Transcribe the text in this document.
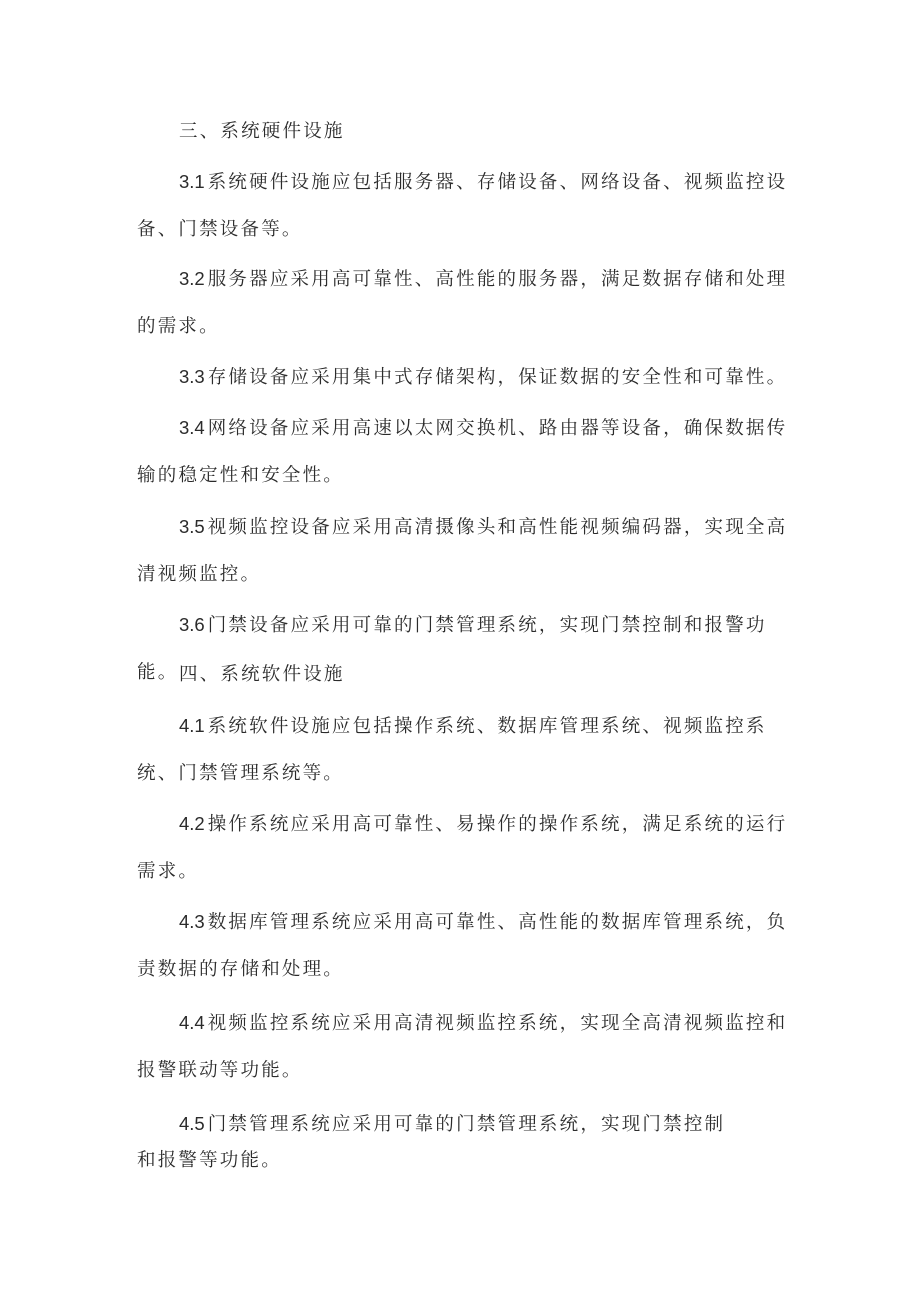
三、系统硬件设施

3.1 系统硬件设施应包括服务器、存储设备、网络设备、视频监控设备、门禁设备等。

3.2 服务器应采用高可靠性、高性能的服务器，满足数据存储和处理的需求。

3.3 存储设备应采用集中式存储架构，保证数据的安全性和可靠性。

3.4 网络设备应采用高速以太网交换机、路由器等设备，确保数据传输的稳定性和安全性。

3.5 视频监控设备应采用高清摄像头和高性能视频编码器，实现全高清视频监控。

3.6 门禁设备应采用可靠的门禁管理系统，实现门禁控制和报警功能。 四、系统软件设施

4.1 系统软件设施应包括操作系统、数据库管理系统、视频监控系统、门禁管理系统等。

4.2 操作系统应采用高可靠性、易操作的操作系统，满足系统的运行需求。

4.3 数据库管理系统应采用高可靠性、高性能的数据库管理系统，负责数据的存储和处理。

4.4 视频监控系统应采用高清视频监控系统，实现全高清视频监控和报警联动等功能。

4.5 门禁管理系统应采用可靠的门禁管理系统，实现门禁控制和报警等功能。
